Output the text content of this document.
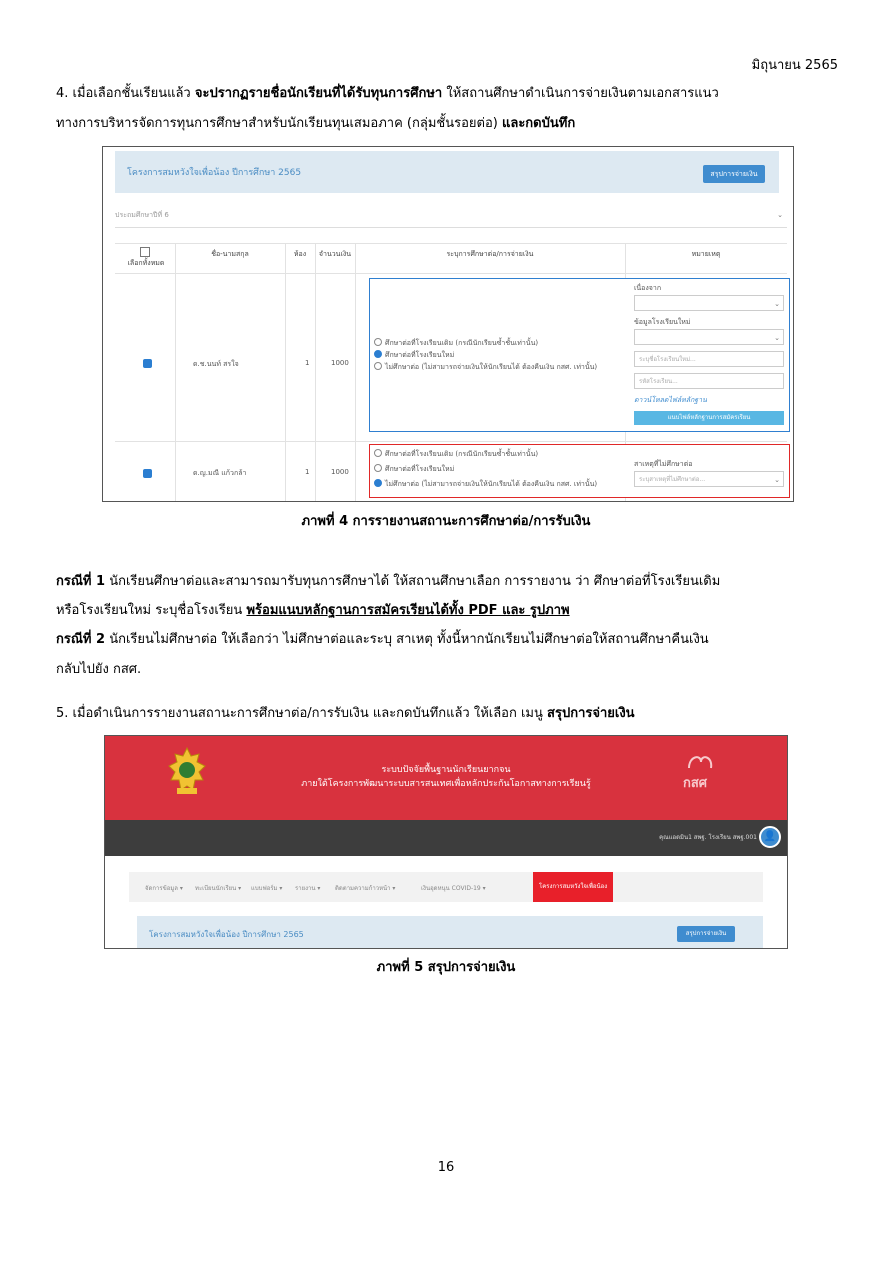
มิถุนายน 2565
4. เมื่อเลือกชั้นเรียนแล้ว จะปรากฏรายชื่อนักเรียนที่ได้รับทุนการศึกษา ให้สถานศึกษาดำเนินการจ่ายเงินตามเอกสารแนว
ทางการบริหารจัดการทุนการศึกษาสำหรับนักเรียนทุนเสมอภาค (กลุ่มชั้นรอยต่อ) และกดบันทึก
โครงการสมหวังใจเพื่อน้อง ปีการศึกษา 2565	สรุปการจ่ายเงิน
ประถมศึกษาปีที่ 6	⌄
เลือกทั้งหมด
ชื่อ-นามสกุล	ห้อง	จำนวนเงิน	ระบุการศึกษาต่อ/การจ่ายเงิน	หมายเหตุ
ด.ช.นนท์ สรใจ	1	1000
ศึกษาต่อที่โรงเรียนเดิม (กรณีนักเรียนซ้ำชั้นเท่านั้น)
ศึกษาต่อที่โรงเรียนใหม่
ไม่ศึกษาต่อ (ไม่สามารถจ่ายเงินให้นักเรียนได้ ต้องคืนเงิน กสศ. เท่านั้น)
เนื่องจาก
⌄
ข้อมูลโรงเรียนใหม่
⌄
ระบุชื่อโรงเรียนใหม่...
รหัสโรงเรียน...
ดาวน์โหลดไฟล์หลักฐาน
แนบไฟล์หลักฐานการสมัครเรียน
ด.ญ.มณี แก้วกล้า	1	1000
ศึกษาต่อที่โรงเรียนเดิม (กรณีนักเรียนซ้ำชั้นเท่านั้น)
ศึกษาต่อที่โรงเรียนใหม่
ไม่ศึกษาต่อ (ไม่สามารถจ่ายเงินให้นักเรียนได้ ต้องคืนเงิน กสศ. เท่านั้น)
สาเหตุที่ไม่ศึกษาต่อ
ระบุสาเหตุที่ไม่ศึกษาต่อ...	⌄
ภาพที่ 4 การรายงานสถานะการศึกษาต่อ/การรับเงิน
กรณีที่ 1 นักเรียนศึกษาต่อและสามารถมารับทุนการศึกษาได้ ให้สถานศึกษาเลือก การรายงาน ว่า ศึกษาต่อที่โรงเรียนเดิม
หรือโรงเรียนใหม่ ระบุชื่อโรงเรียน พร้อมแนบหลักฐานการสมัครเรียนได้ทั้ง PDF และ รูปภาพ
กรณีที่ 2 นักเรียนไม่ศึกษาต่อ ให้เลือกว่า ไม่ศึกษาต่อและระบุ สาเหตุ ทั้งนี้หากนักเรียนไม่ศึกษาต่อให้สถานศึกษาคืนเงิน
กลับไปยัง กสศ.
5. เมื่อดำเนินการรายงานสถานะการศึกษาต่อ/การรับเงิน และกดบันทึกแล้ว ให้เลือก เมนู สรุปการจ่ายเงิน
ระบบปัจจัยพื้นฐานนักเรียนยากจน
ภายใต้โครงการพัฒนาระบบสารสนเทศเพื่อหลักประกันโอกาสทางการเรียนรู้	กสศ
คุณแอดมิน1 สพฐ. โรงเรียน สพฐ.001 👤
จัดการข้อมูล ▾ ทะเบียนนักเรียน ▾ แบบฟอร์ม ▾ รายงาน ▾ ติดตามความก้าวหน้า ▾	เงินอุดหนุน COVID-19 ▾	โครงการสมหวังใจเพื่อน้อง
โครงการสมหวังใจเพื่อน้อง ปีการศึกษา 2565	สรุปการจ่ายเงิน
ภาพที่ 5 สรุปการจ่ายเงิน
16
